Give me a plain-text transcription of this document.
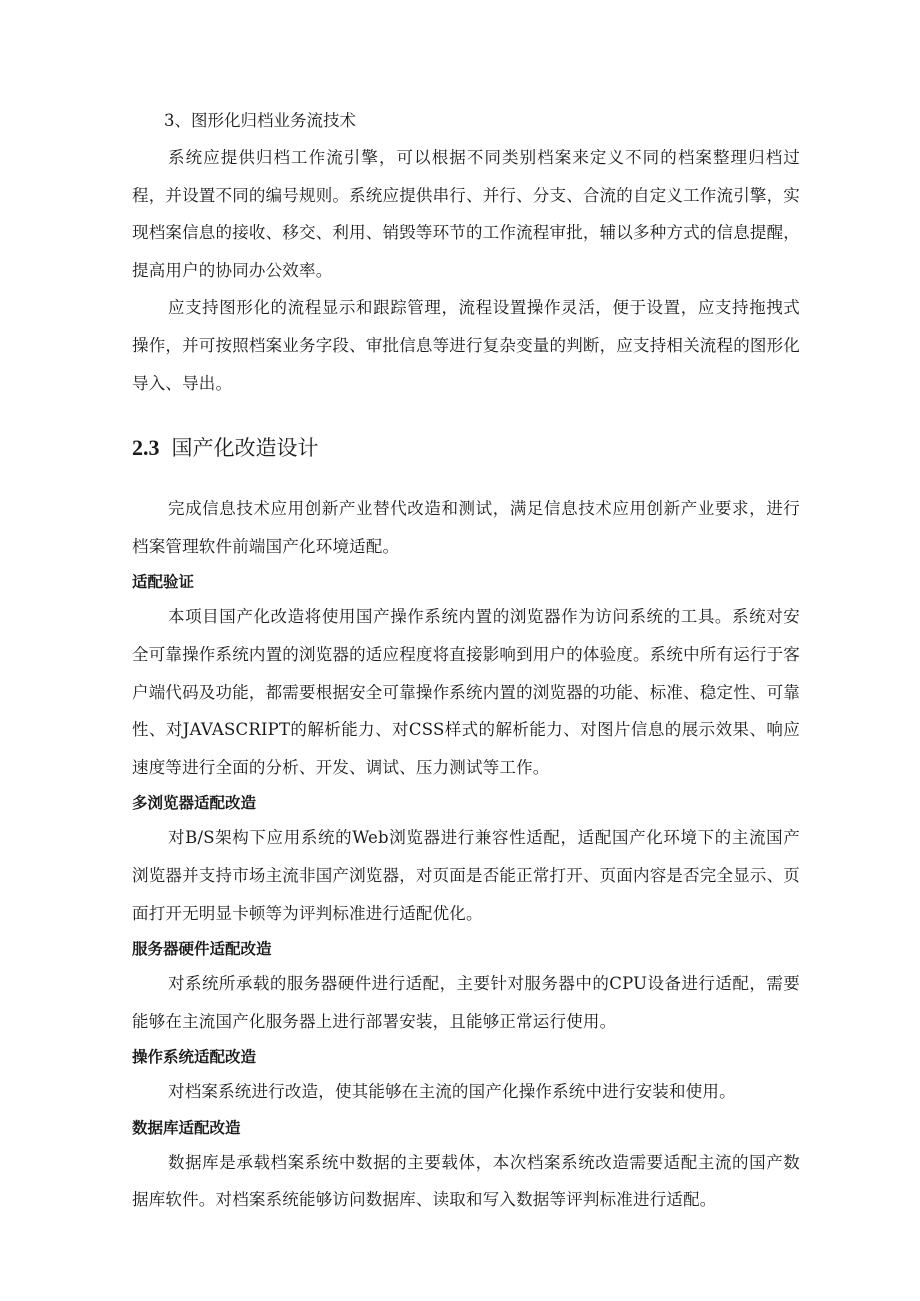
3、图形化归档业务流技术

系统应提供归档工作流引擎，可以根据不同类别档案来定义不同的档案整理归档过程，并设置不同的编号规则。系统应提供串行、并行、分支、合流的自定义工作流引擎，实现档案信息的接收、移交、利用、销毁等环节的工作流程审批，辅以多种方式的信息提醒，提高用户的协同办公效率。

应支持图形化的流程显示和跟踪管理，流程设置操作灵活，便于设置，应支持拖拽式操作，并可按照档案业务字段、审批信息等进行复杂变量的判断，应支持相关流程的图形化导入、导出。

2.3 国产化改造设计

完成信息技术应用创新产业替代改造和测试，满足信息技术应用创新产业要求，进行档案管理软件前端国产化环境适配。

适配验证

本项目国产化改造将使用国产操作系统内置的浏览器作为访问系统的工具。系统对安全可靠操作系统内置的浏览器的适应程度将直接影响到用户的体验度。系统中所有运行于客户端代码及功能，都需要根据安全可靠操作系统内置的浏览器的功能、标准、稳定性、可靠性、对JAVASCRIPT的解析能力、对CSS样式的解析能力、对图片信息的展示效果、响应速度等进行全面的分析、开发、调试、压力测试等工作。

多浏览器适配改造

对B/S架构下应用系统的Web浏览器进行兼容性适配，适配国产化环境下的主流国产浏览器并支持市场主流非国产浏览器，对页面是否能正常打开、页面内容是否完全显示、页面打开无明显卡顿等为评判标准进行适配优化。

服务器硬件适配改造

对系统所承载的服务器硬件进行适配，主要针对服务器中的CPU设备进行适配，需要能够在主流国产化服务器上进行部署安装，且能够正常运行使用。

操作系统适配改造

对档案系统进行改造，使其能够在主流的国产化操作系统中进行安装和使用。

数据库适配改造

数据库是承载档案系统中数据的主要载体，本次档案系统改造需要适配主流的国产数据库软件。对档案系统能够访问数据库、读取和写入数据等评判标准进行适配。
